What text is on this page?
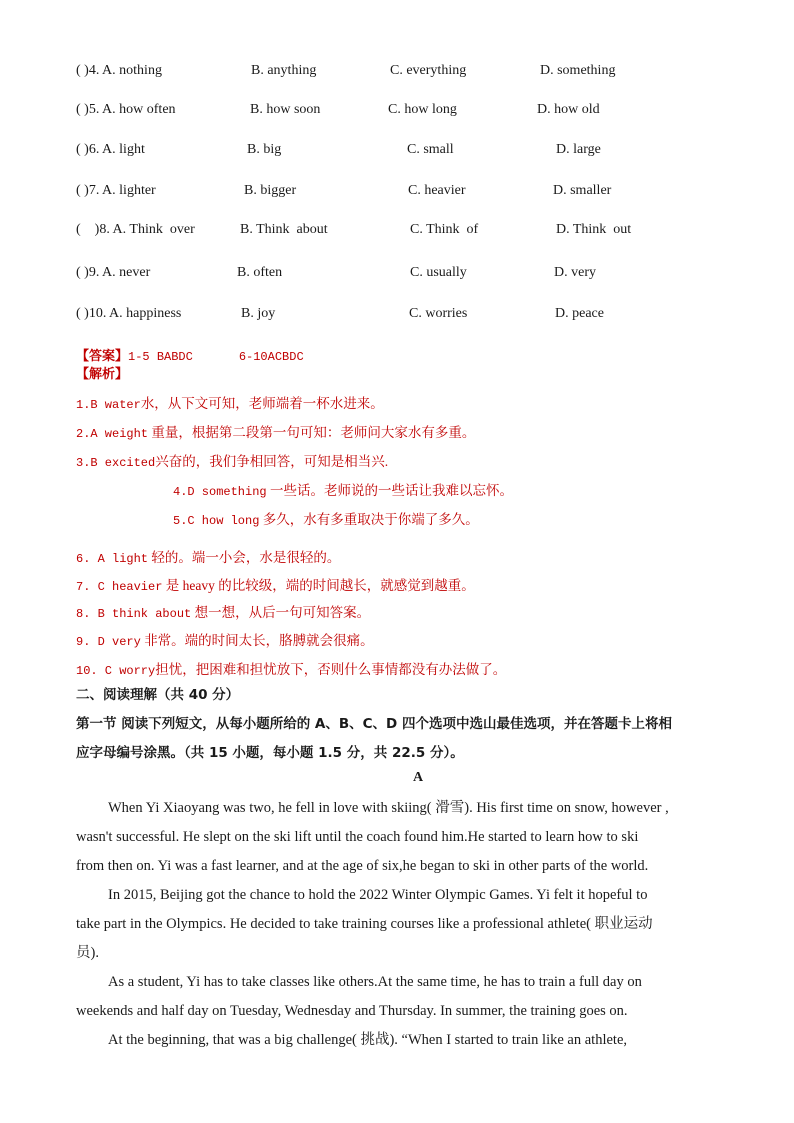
( )4. A. nothing	B. anything	C. everything	D. something
( )5. A. how often	B. how soon	C. how long	D. how old
( )6. A. light	B. big	C. small	D. large
( )7. A. lighter	B. bigger	C. heavier	D. smaller
(    )8. A. Think  over	B. Think  about	C. Think  of	D. Think  out
( )9. A. never	B. often	C. usually	D. very
( )10. A. happiness	B. joy	C. worries	D. peace
【答案】1-5 BABDC	6-10ACBDC
【解析】
1.B water水，从下文可知，老师端着一杯水进来。
2.A weight 重量，根据第二段第一句可知：老师问大家水有多重。
3.B excited兴奋的，我们争相回答，可知是相当兴.
4.D something 一些话。老师说的一些话让我难以忘怀。
5.C how long 多久，水有多重取决于你端了多久。
6. A light 轻的。端一小会，水是很轻的。
7. C heavier 是 heavy 的比较级，端的时间越长，就感觉到越重。
8. B think about 想一想，从后一句可知答案。
9. D very 非常。端的时间太长，胳膊就会很痛。
10. C worry担忧，把困难和担忧放下，否则什么事情都没有办法做了。
二、阅读理解（共 40 分）
第一节 阅读下列短文，从每小题所给的 A、B、C、D 四个选项中选山最佳选项，并在答题卡上将相
应字母编号涂黑。（共 15 小题，每小题 1.5 分，共 22.5 分）。
A
When Yi Xiaoyang was two, he fell in love with skiing( 滑雪). His first time on snow, however ,
wasn't successful. He slept on the ski lift until the coach found him.He started to learn how to ski
from then on. Yi was a fast learner, and at the age of six,he began to ski in other parts of the world.
In 2015, Beijing got the chance to hold the 2022 Winter Olympic Games. Yi felt it hopeful to
take part in the Olympics. He decided to take training courses like a professional athlete( 职业运动
员).
As a student, Yi has to take classes like others.At the same time, he has to train a full day on
weekends and half day on Tuesday, Wednesday and Thursday. In summer, the training goes on.
At the beginning, that was a big challenge( 挑战). “When I started to train like an athlete,
